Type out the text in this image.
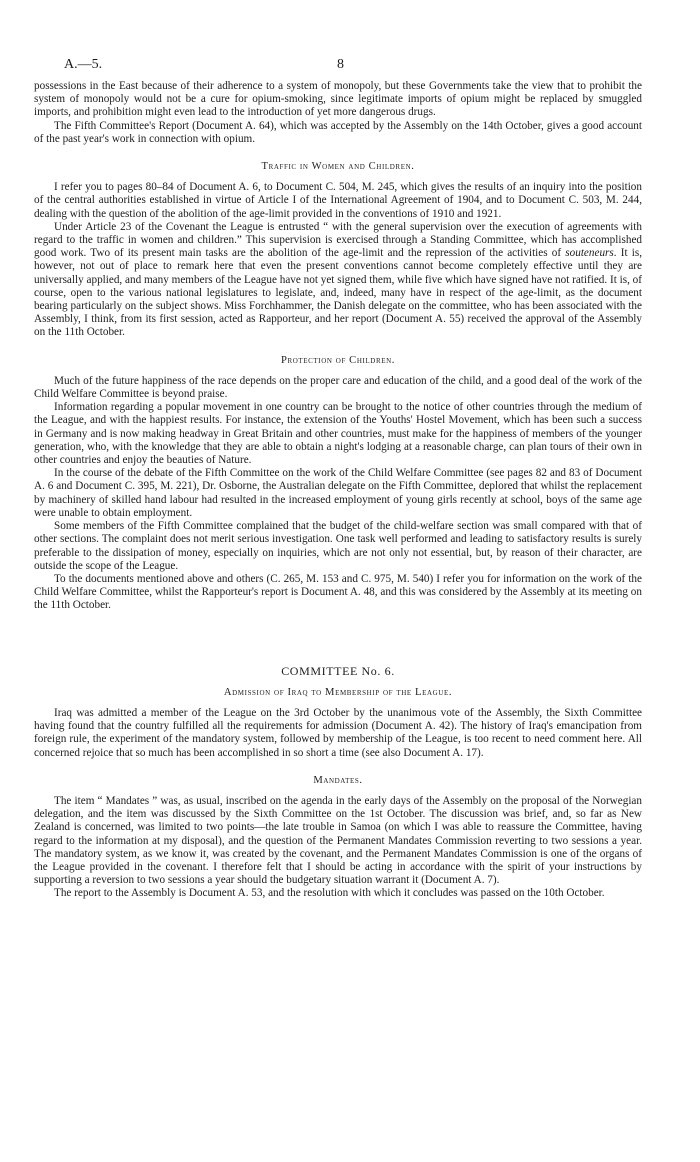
A.—5.	8

possessions in the East because of their adherence to a system of monopoly, but these Governments take the view that to prohibit the system of monopoly would not be a cure for opium-smoking, since legitimate imports of opium might be replaced by smuggled imports, and prohibition might even lead to the introduction of yet more dangerous drugs.

The Fifth Committee's Report (Document A. 64), which was accepted by the Assembly on the 14th October, gives a good account of the past year's work in connection with opium.

Traffic in Women and Children.

I refer you to pages 80–84 of Document A. 6, to Document C. 504, M. 245, which gives the results of an inquiry into the position of the central authorities established in virtue of Article I of the International Agreement of 1904, and to Document C. 503, M. 244, dealing with the question of the abolition of the age-limit provided in the conventions of 1910 and 1921.

Under Article 23 of the Covenant the League is entrusted “ with the general supervision over the execution of agreements with regard to the traffic in women and children.” This supervision is exercised through a Standing Committee, which has accomplished good work. Two of its present main tasks are the abolition of the age-limit and the repression of the activities of souteneurs. It is, however, not out of place to remark here that even the present conventions cannot become completely effective until they are universally applied, and many members of the League have not yet signed them, while five which have signed have not ratified. It is, of course, open to the various national legislatures to legislate, and, indeed, many have in respect of the age-limit, as the document bearing particularly on the subject shows. Miss Forchhammer, the Danish delegate on the committee, who has been associated with the Assembly, I think, from its first session, acted as Rapporteur, and her report (Document A. 55) received the approval of the Assembly on the 11th October.

Protection of Children.

Much of the future happiness of the race depends on the proper care and education of the child, and a good deal of the work of the Child Welfare Committee is beyond praise.

Information regarding a popular movement in one country can be brought to the notice of other countries through the medium of the League, and with the happiest results. For instance, the extension of the Youths' Hostel Movement, which has been such a success in Germany and is now making headway in Great Britain and other countries, must make for the happiness of members of the younger generation, who, with the knowledge that they are able to obtain a night's lodging at a reasonable charge, can plan tours of their own in other countries and enjoy the beauties of Nature.

In the course of the debate of the Fifth Committee on the work of the Child Welfare Committee (see pages 82 and 83 of Document A. 6 and Document C. 395, M. 221), Dr. Osborne, the Australian delegate on the Fifth Committee, deplored that whilst the replacement by machinery of skilled hand labour had resulted in the increased employment of young girls recently at school, boys of the same age were unable to obtain employment.

Some members of the Fifth Committee complained that the budget of the child-welfare section was small compared with that of other sections. The complaint does not merit serious investigation. One task well performed and leading to satisfactory results is surely preferable to the dissipation of money, especially on inquiries, which are not only not essential, but, by reason of their character, are outside the scope of the League.

To the documents mentioned above and others (C. 265, M. 153 and C. 975, M. 540) I refer you for information on the work of the Child Welfare Committee, whilst the Rapporteur's report is Document A. 48, and this was considered by the Assembly at its meeting on the 11th October.

COMMITTEE No. 6.
Admission of Iraq to Membership of the League.

Iraq was admitted a member of the League on the 3rd October by the unanimous vote of the Assembly, the Sixth Committee having found that the country fulfilled all the requirements for admission (Document A. 42). The history of Iraq's emancipation from foreign rule, the experiment of the mandatory system, followed by membership of the League, is too recent to need comment here. All concerned rejoice that so much has been accomplished in so short a time (see also Document A. 17).

Mandates.

The item “ Mandates ” was, as usual, inscribed on the agenda in the early days of the Assembly on the proposal of the Norwegian delegation, and the item was discussed by the Sixth Committee on the 1st October. The discussion was brief, and, so far as New Zealand is concerned, was limited to two points—the late trouble in Samoa (on which I was able to reassure the Committee, having regard to the information at my disposal), and the question of the Permanent Mandates Commission reverting to two sessions a year. The mandatory system, as we know it, was created by the covenant, and the Permanent Mandates Commission is one of the organs of the League provided in the covenant. I therefore felt that I should be acting in accordance with the spirit of your instructions by supporting a reversion to two sessions a year should the budgetary situation warrant it (Document A. 7).

The report to the Assembly is Document A. 53, and the resolution with which it concludes was passed on the 10th October.
